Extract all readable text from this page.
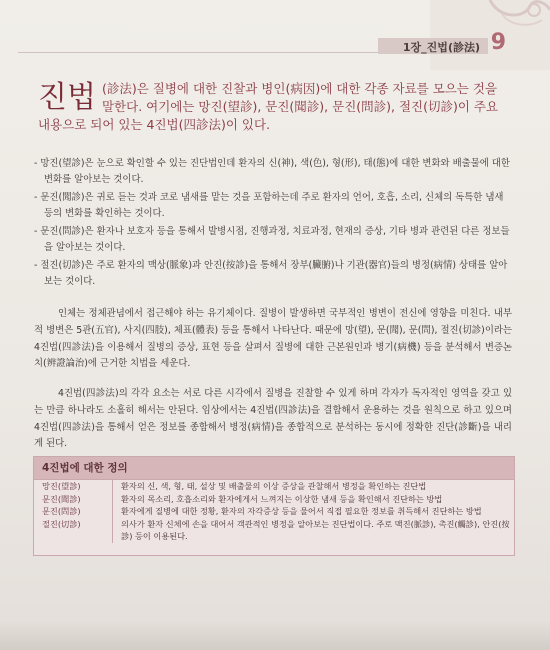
1장_진법(診法) 9
진법 (診法)은 질병에 대한 진찰과 병인(病因)에 대한 각종 자료를 모으는 것을 말한다. 여기에는 망진(望診), 문진(聞診), 문진(問診), 절진(切診)이 주요 내용으로 되어 있는 4진법(四診法)이 있다.
- 망진(望診)은 눈으로 확인할 수 있는 진단법인데 환자의 신(神), 색(色), 형(形), 태(態)에 대한 변화와 배출물에 대한 변화를 알아보는 것이다.
- 문진(聞診)은 귀로 듣는 것과 코로 냄새를 맡는 것을 포함하는데 주로 환자의 언어, 호흡, 소리, 신체의 독특한 냄새 등의 변화를 확인하는 것이다.
- 문진(問診)은 환자나 보호자 등을 통해서 발병시점, 진행과정, 치료과정, 현재의 증상, 기타 병과 관련된 다른 정보들을 알아보는 것이다.
- 절진(切診)은 주로 환자의 맥상(脈象)과 안진(按診)을 통해서 장부(臟腑)나 기관(器官)들의 병정(病情) 상태를 알아보는 것이다.

인체는 정체관념에서 접근해야 하는 유기체이다. 질병이 발생하면 국부적인 병변이 전신에 영향을 미친다. 내부적 병변은 5관(五官), 사지(四肢), 체표(體表) 등을 통해서 나타난다. 때문에 망(望), 문(聞), 문(問), 절진(切診)이라는 4진법(四診法)을 이용해서 질병의 증상, 표현 등을 살펴서 질병에 대한 근본원인과 병기(病機) 등을 분석해서 변증논치(辨證論治)에 근거한 치법을 세운다.

4진법(四診法)의 각각 요소는 서로 다른 시각에서 질병을 진찰할 수 있게 하며 각자가 독자적인 영역을 갖고 있는 만큼 하나라도 소홀히 해서는 안된다. 임상에서는 4진법(四診法)을 결합해서 운용하는 것을 원칙으로 하고 있으며 4진법(四診法)을 통해서 얻은 정보를 종합해서 병정(病情)을 종합적으로 분석하는 동시에 정확한 진단(診斷)을 내리게 된다.

4진법에 대한 정의
망진(望診)	환자의 신, 색, 형, 태, 설상 및 배출물의 이상 증상을 관찰해서 병정을 확인하는 진단법
문진(聞診)	환자의 목소리, 호흡소리와 환자에게서 느껴지는 이상한 냄새 등을 확인해서 진단하는 방법
문진(問診)	환자에게 질병에 대한 정황, 환자의 자각증상 등을 물어서 직접 필요한 정보를 취득해서 진단하는 방법
절진(切診)	의사가 환자 신체에 손을 대어서 객관적인 병정을 알아보는 진단법이다. 주로 맥진(脈診), 촉진(觸診), 안진(按診) 등이 이용된다.
